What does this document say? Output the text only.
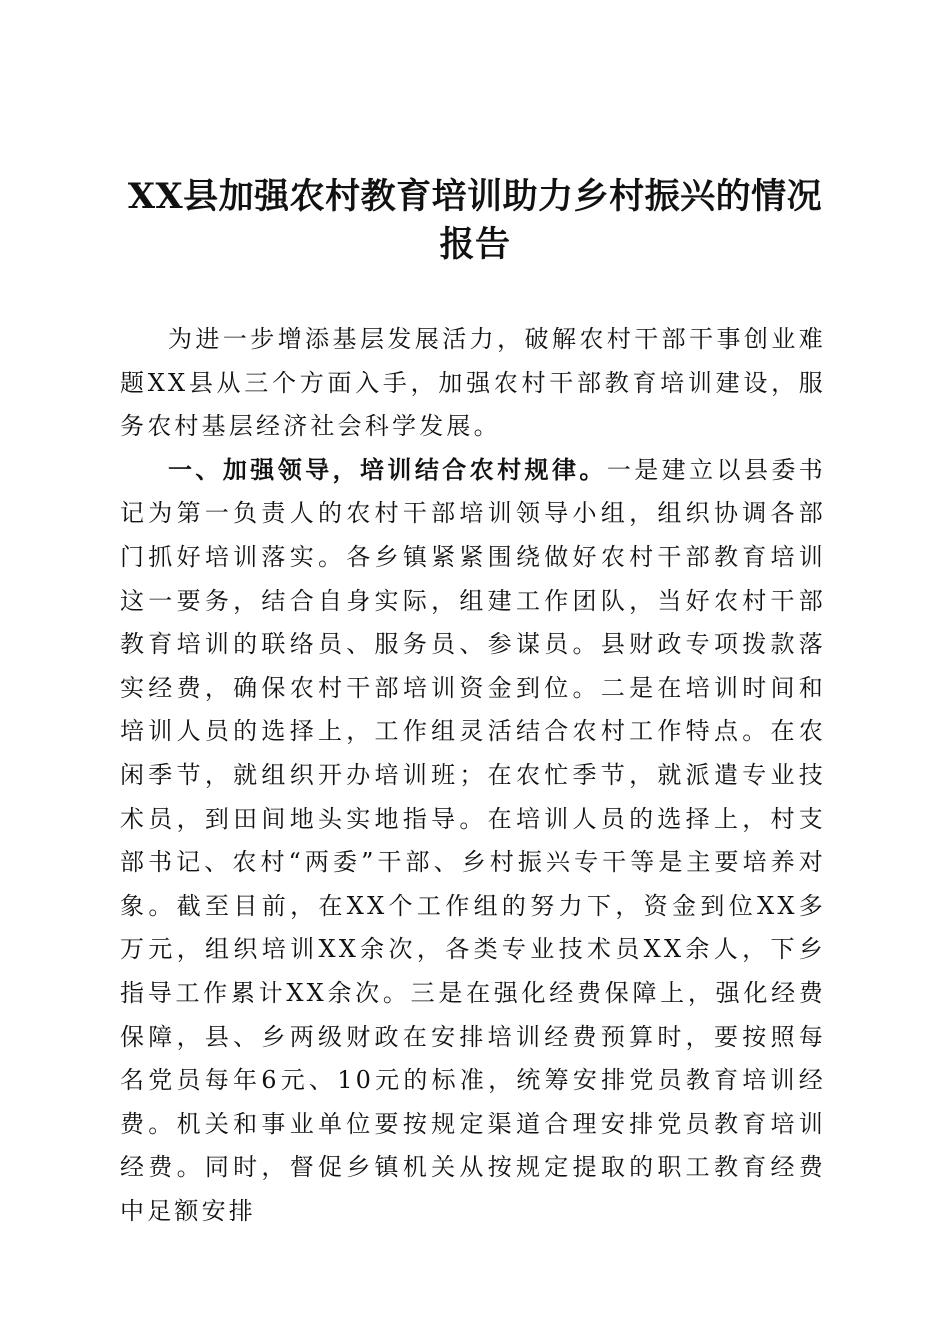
XX县加强农村教育培训助力乡村振兴的情况
报告

为进一步增添基层发展活力，破解农村干部干事创业难题XX县从三个方面入手，加强农村干部教育培训建设，服务农村基层经济社会科学发展。

一、加强领导，培训结合农村规律。一是建立以县委书记为第一负责人的农村干部培训领导小组，组织协调各部门抓好培训落实。各乡镇紧紧围绕做好农村干部教育培训这一要务，结合自身实际，组建工作团队，当好农村干部教育培训的联络员、服务员、参谋员。县财政专项拨款落实经费，确保农村干部培训资金到位。二是在培训时间和培训人员的选择上，工作组灵活结合农村工作特点。在农闲季节，就组织开办培训班；在农忙季节，就派遣专业技术员，到田间地头实地指导。在培训人员的选择上，村支部书记、农村“两委”干部、乡村振兴专干等是主要培养对象。截至目前，在XX个工作组的努力下，资金到位XX多万元，组织培训XX余次，各类专业技术员XX余人，下乡指导工作累计XX余次。三是在强化经费保障上，强化经费保障，县、乡两级财政在安排培训经费预算时，要按照每名党员每年6元、10元的标准，统筹安排党员教育培训经费。机关和事业单位要按规定渠道合理安排党员教育培训经费。同时，督促乡镇机关从按规定提取的职工教育经费中足额安排
